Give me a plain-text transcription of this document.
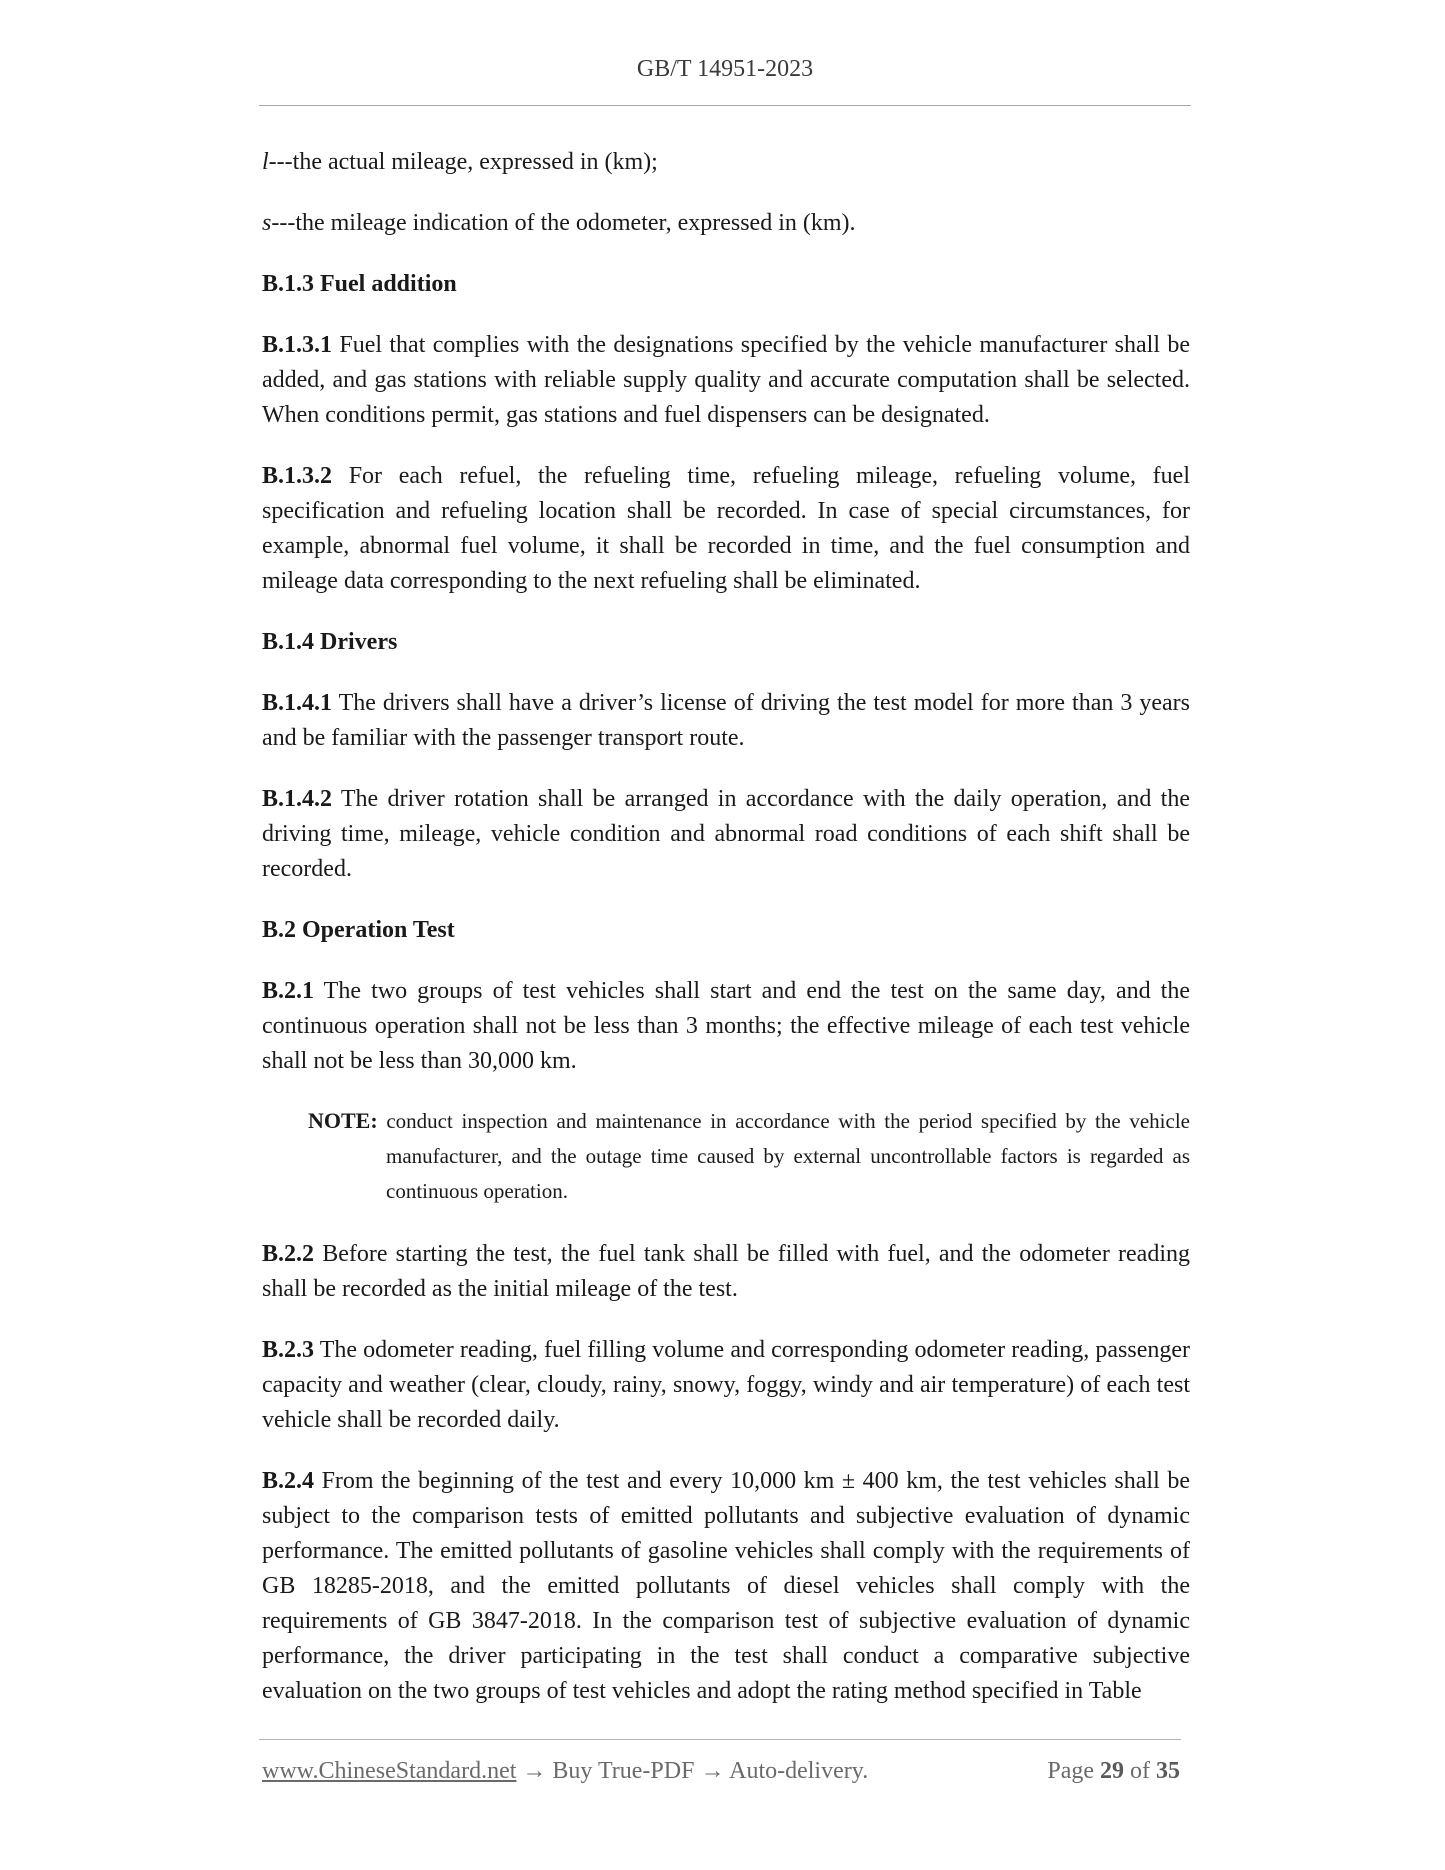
GB/T 14951-2023

l---the actual mileage, expressed in (km);

s---the mileage indication of the odometer, expressed in (km).

B.1.3 Fuel addition

B.1.3.1 Fuel that complies with the designations specified by the vehicle manufacturer shall be added, and gas stations with reliable supply quality and accurate computation shall be selected. When conditions permit, gas stations and fuel dispensers can be designated.

B.1.3.2 For each refuel, the refueling time, refueling mileage, refueling volume, fuel specification and refueling location shall be recorded. In case of special circumstances, for example, abnormal fuel volume, it shall be recorded in time, and the fuel consumption and mileage data corresponding to the next refueling shall be eliminated.

B.1.4 Drivers

B.1.4.1 The drivers shall have a driver’s license of driving the test model for more than 3 years and be familiar with the passenger transport route.

B.1.4.2 The driver rotation shall be arranged in accordance with the daily operation, and the driving time, mileage, vehicle condition and abnormal road conditions of each shift shall be recorded.

B.2 Operation Test

B.2.1 The two groups of test vehicles shall start and end the test on the same day, and the continuous operation shall not be less than 3 months; the effective mileage of each test vehicle shall not be less than 30,000 km.

NOTE: conduct inspection and maintenance in accordance with the period specified by the vehicle manufacturer, and the outage time caused by external uncontrollable factors is regarded as continuous operation.

B.2.2 Before starting the test, the fuel tank shall be filled with fuel, and the odometer reading shall be recorded as the initial mileage of the test.

B.2.3 The odometer reading, fuel filling volume and corresponding odometer reading, passenger capacity and weather (clear, cloudy, rainy, snowy, foggy, windy and air temperature) of each test vehicle shall be recorded daily.

B.2.4 From the beginning of the test and every 10,000 km ± 400 km, the test vehicles shall be subject to the comparison tests of emitted pollutants and subjective evaluation of dynamic performance. The emitted pollutants of gasoline vehicles shall comply with the requirements of GB 18285-2018, and the emitted pollutants of diesel vehicles shall comply with the requirements of GB 3847-2018. In the comparison test of subjective evaluation of dynamic performance, the driver participating in the test shall conduct a comparative subjective evaluation on the two groups of test vehicles and adopt the rating method specified in Table

www.ChineseStandard.net → Buy True-PDF → Auto-delivery.	Page 29 of 35
